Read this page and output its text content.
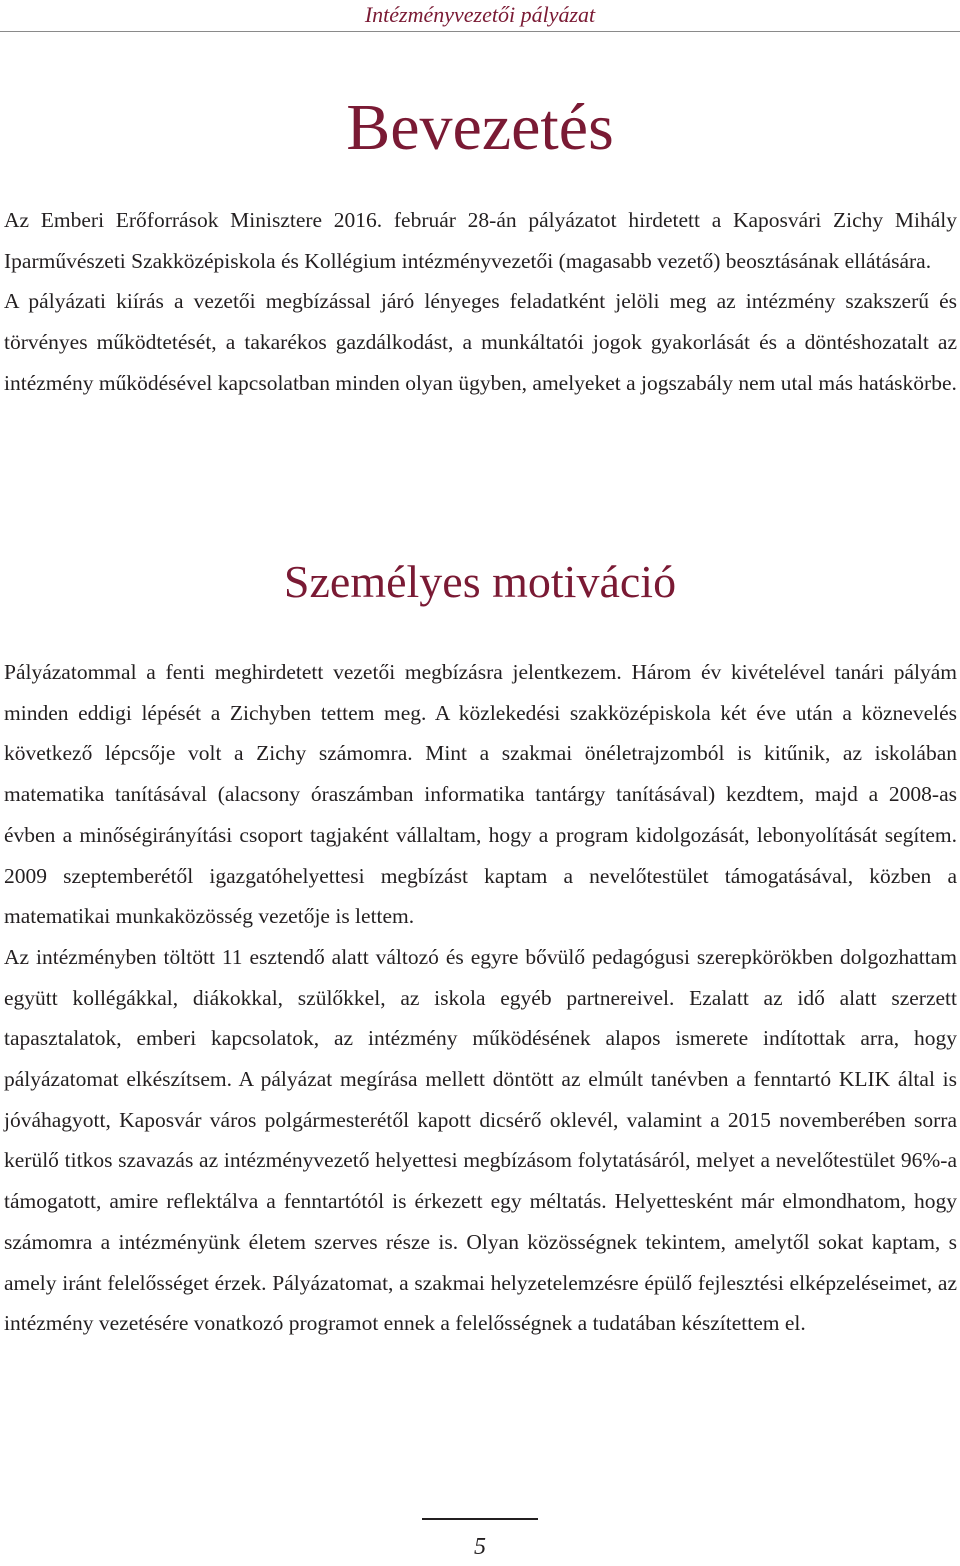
Intézményvezetői pályázat
Bevezetés

Az Emberi Erőforrások Minisztere 2016. február 28-án pályázatot hirdetett a Kaposvári Zichy Mihály Iparművészeti Szakközépiskola és Kollégium intézményvezetői (magasabb vezető) beosztásának ellátására.

A pályázati kiírás a vezetői megbízással járó lényeges feladatként jelöli meg az intézmény szakszerű és törvényes működtetését, a takarékos gazdálkodást, a munkáltatói jogok gyakorlását és a döntéshozatalt az intézmény működésével kapcsolatban minden olyan ügyben, amelyeket a jogszabály nem utal más hatáskörbe.

Személyes motiváció

Pályázatommal a fenti meghirdetett vezetői megbízásra jelentkezem. Három év kivételével tanári pályám minden eddigi lépését a Zichyben tettem meg. A közlekedési szakközépiskola két éve után a köznevelés következő lépcsője volt a Zichy számomra. Mint a szakmai önéletrajzomból is kitűnik, az iskolában matematika tanításával (alacsony óraszámban informatika tantárgy tanításával) kezdtem, majd a 2008-as évben a minőségirányítási csoport tagjaként vállaltam, hogy a program kidolgozását, lebonyolítását segítem. 2009 szeptemberétől igazgatóhelyettesi megbízást kaptam a nevelőtestület támogatásával, közben a matematikai munkaközösség vezetője is lettem.

Az intézményben töltött 11 esztendő alatt változó és egyre bővülő pedagógusi szerepkörökben dolgozhattam együtt kollégákkal, diákokkal, szülőkkel, az iskola egyéb partnereivel. Ezalatt az idő alatt szerzett tapasztalatok, emberi kapcsolatok, az intézmény működésének alapos ismerete indítottak arra, hogy pályázatomat elkészítsem. A pályázat megírása mellett döntött az elmúlt tanévben a fenntartó KLIK által is jóváhagyott, Kaposvár város polgármesterétől kapott dicsérő oklevél, valamint a 2015 novemberében sorra kerülő titkos szavazás az intézményvezető helyettesi megbízásom folytatásáról, melyet a nevelőtestület 96%-a támogatott, amire reflektálva a fenntartótól is érkezett egy méltatás. Helyettesként már elmondhatom, hogy számomra a intézményünk életem szerves része is. Olyan közösségnek tekintem, amelytől sokat kaptam, s amely iránt felelősséget érzek. Pályázatomat, a szakmai helyzetelemzésre épülő fejlesztési elképzeléseimet, az intézmény vezetésére vonatkozó programot ennek a felelősségnek a tudatában készítettem el.

5
